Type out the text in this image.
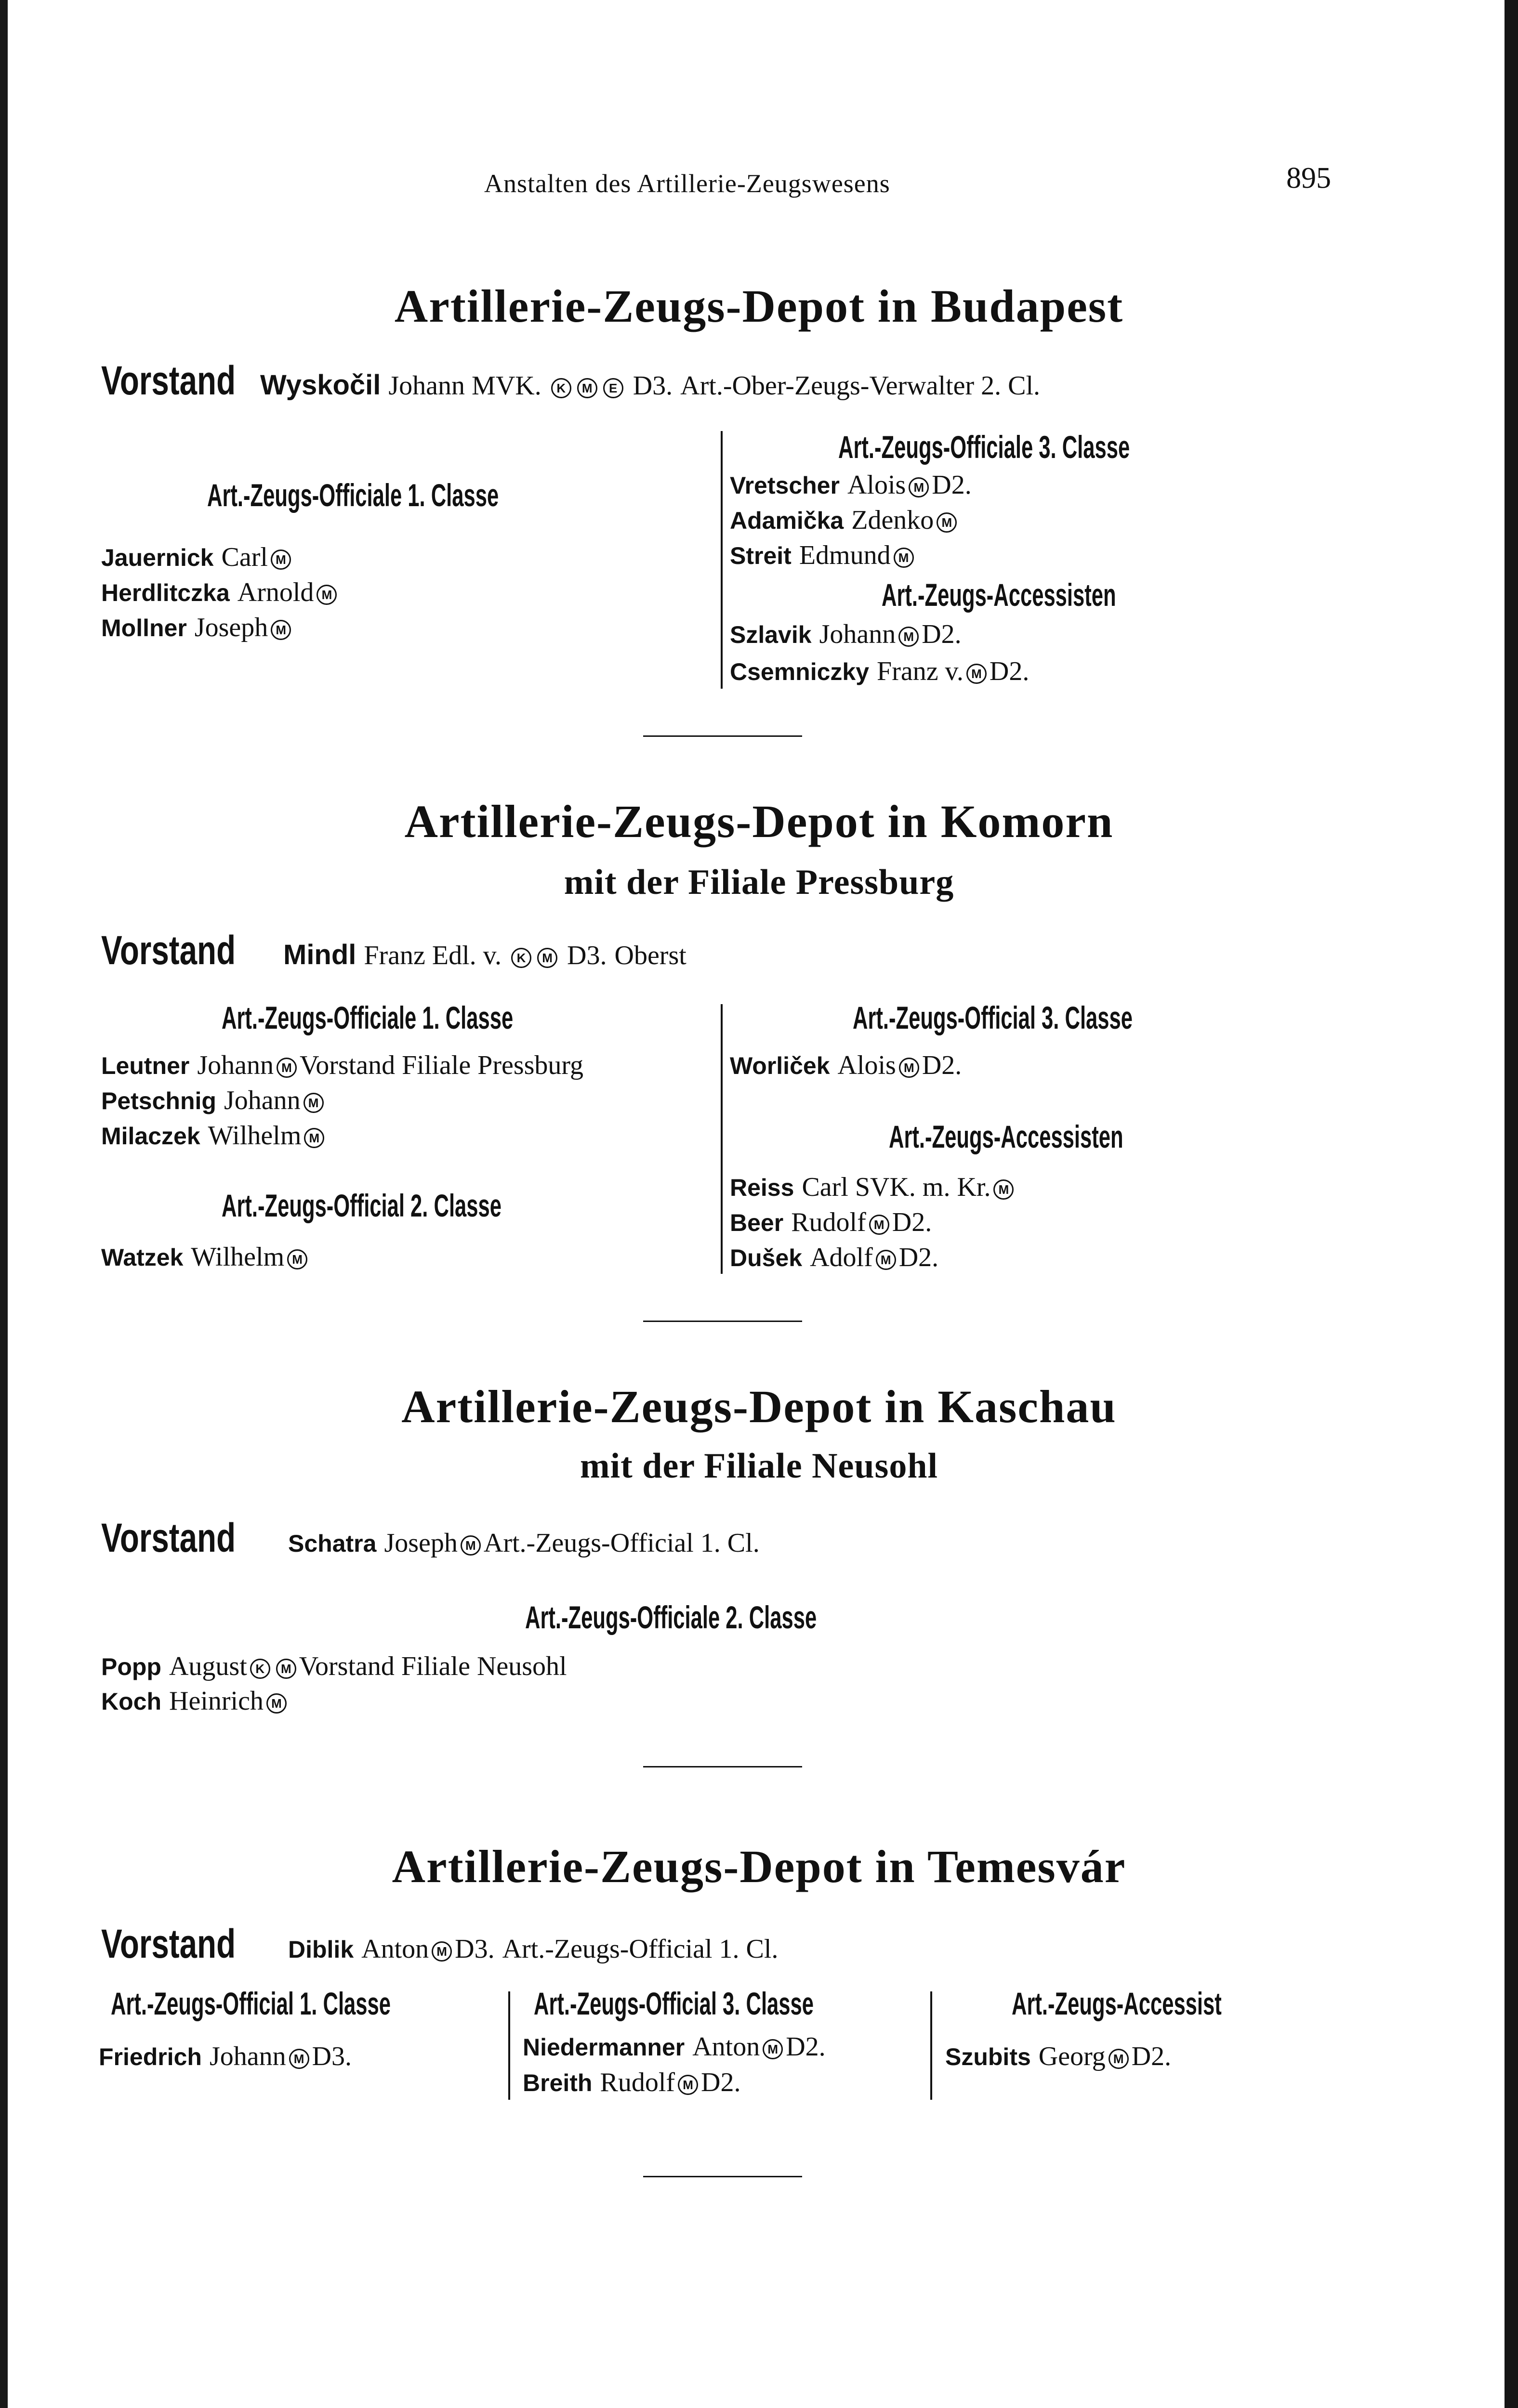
Anstalten des Artillerie-Zeugswesens	895
Artillerie-Zeugs-Depot in Budapest
Vorstand Wyskočil Johann MVK. K M E D3. Art.-Ober-Zeugs-Verwalter 2. Cl.
Art.-Zeugs-Officiale 1. Classe
Jauernick Carl M
Herdlitczka Arnold M
Mollner Joseph M
Art.-Zeugs-Officiale 3. Classe
Vretscher Alois M D2.
Adamička Zdenko M
Streit Edmund M
Art.-Zeugs-Accessisten
Szlavik Johann M D2.
Csemniczky Franz v. M D2.
Artillerie-Zeugs-Depot in Komorn
mit der Filiale Pressburg
Vorstand Mindl Franz Edl. v. K M D3. Oberst
Art.-Zeugs-Officiale 1. Classe
Leutner Johann M Vorstand Filiale Pressburg
Petschnig Johann M
Milaczek Wilhelm M
Art.-Zeugs-Official 2. Classe
Watzek Wilhelm M
Art.-Zeugs-Official 3. Classe
Worliček Alois M D2.
Art.-Zeugs-Accessisten
Reiss Carl SVK. m. Kr. M
Beer Rudolf M D2.
Dušek Adolf M D2.
Artillerie-Zeugs-Depot in Kaschau
mit der Filiale Neusohl
Vorstand Schatra Joseph M Art.-Zeugs-Official 1. Cl.
Art.-Zeugs-Officiale 2. Classe
Popp August K M Vorstand Filiale Neusohl
Koch Heinrich M
Artillerie-Zeugs-Depot in Temesvár
Vorstand Diblik Anton M D3. Art.-Zeugs-Official 1. Cl.
Art.-Zeugs-Official 1. Classe
Friedrich Johann M D3.
Art.-Zeugs-Official 3. Classe
Niedermanner Anton M D2.
Breith Rudolf M D2.
Art.-Zeugs-Accessist
Szubits Georg M D2.
